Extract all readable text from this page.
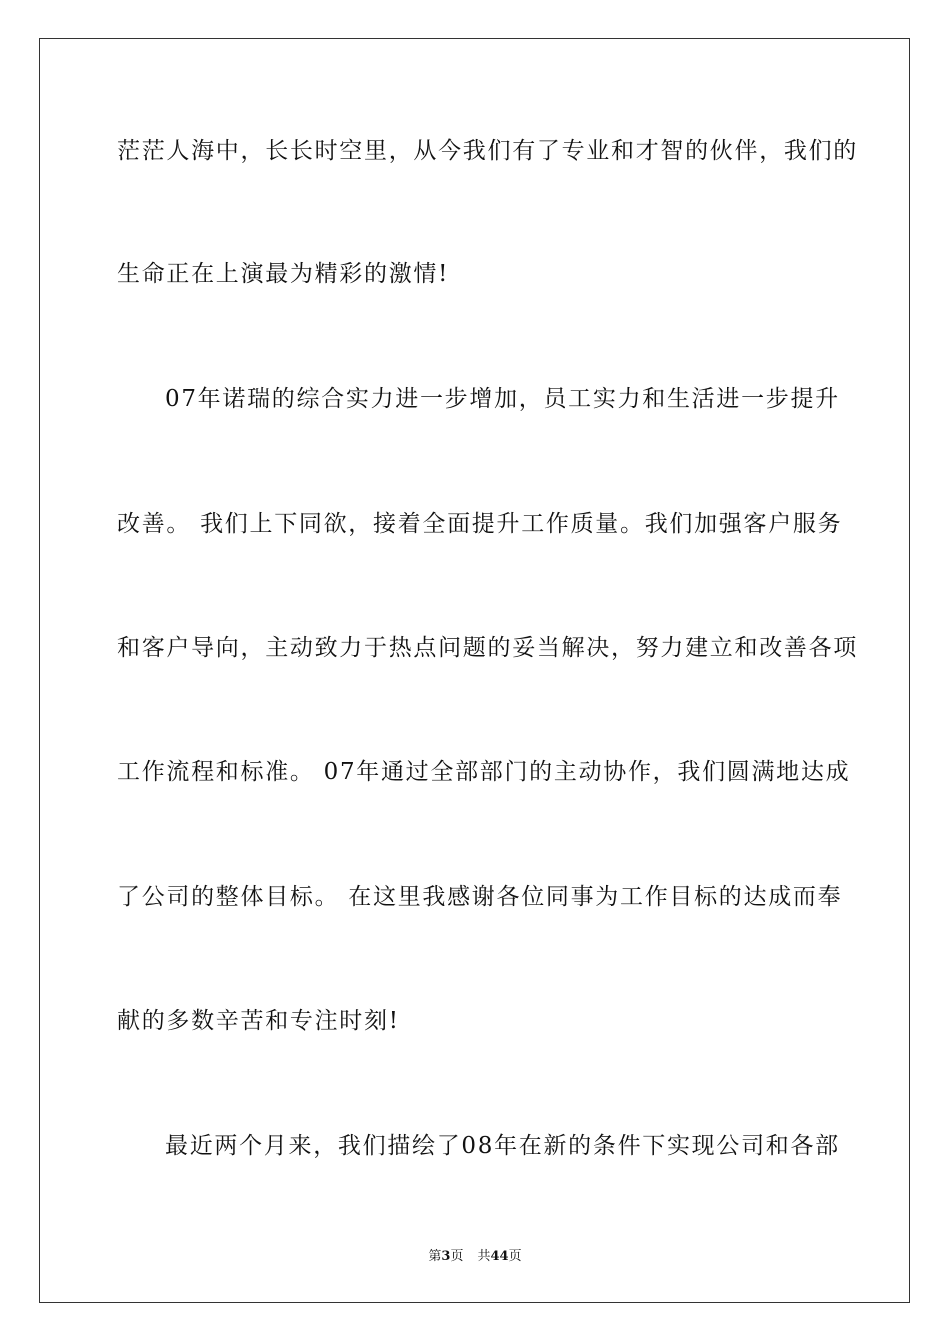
茫茫人海中，长长时空里，从今我们有了专业和才智的伙伴，我们的
生命正在上演最为精彩的激情!
07年诺瑞的综合实力进一步增加，员工实力和生活进一步提升
改善。 我们上下同欲，接着全面提升工作质量。我们加强客户服务
和客户导向，主动致力于热点问题的妥当解决，努力建立和改善各项
工作流程和标准。 07年通过全部部门的主动协作，我们圆满地达成
了公司的整体目标。 在这里我感谢各位同事为工作目标的达成而奉
献的多数辛苦和专注时刻!
最近两个月来，我们描绘了08年在新的条件下实现公司和各部
第3页 共44页
